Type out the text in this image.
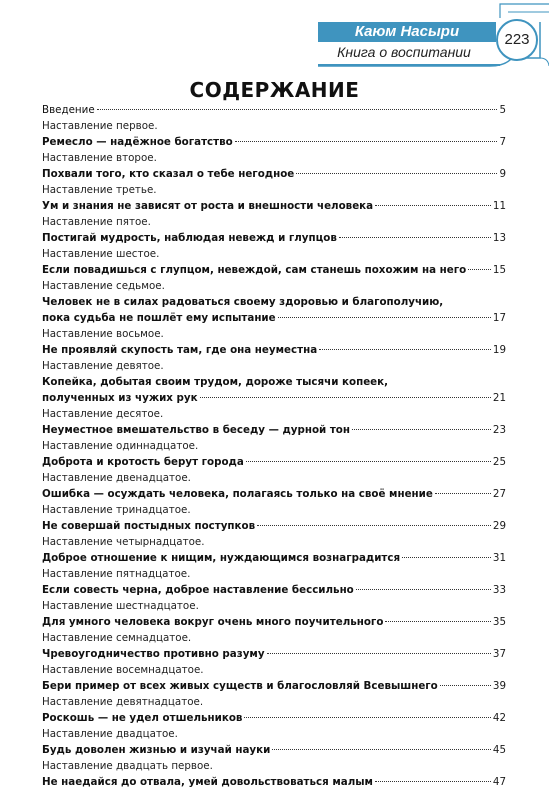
Каюм Насыри
Книга о воспитании
223
СОДЕРЖАНИЕ
Введение	5
Наставление первое.
Ремесло — надёжное богатство	7
Наставление второе.
Похвали того, кто сказал о тебе негодное	9
Наставление третье.
Ум и знания не зависят от роста и внешности человека	11
Наставление пятое.
Постигай мудрость, наблюдая невежд и глупцов	13
Наставление шестое.
Если повадишься с глупцом, невеждой, сам станешь похожим на него	15
Наставление седьмое.
Человек не в силах радоваться своему здоровью и благополучию,
пока судьба не пошлёт ему испытание	17
Наставление восьмое.
Не проявляй скупость там, где она неуместна	19
Наставление девятое.
Копейка, добытая своим трудом, дороже тысячи копеек,
полученных из чужих рук	21
Наставление десятое.
Неуместное вмешательство в беседу — дурной тон	23
Наставление одиннадцатое.
Доброта и кротость берут города	25
Наставление двенадцатое.
Ошибка — осуждать человека, полагаясь только на своё мнение	27
Наставление тринадцатое.
Не совершай постыдных поступков	29
Наставление четырнадцатое.
Доброе отношение к нищим, нуждающимся вознаградится	31
Наставление пятнадцатое.
Если совесть черна, доброе наставление бессильно	33
Наставление шестнадцатое.
Для умного человека вокруг очень много поучительного	35
Наставление семнадцатое.
Чревоугодничество противно разуму	37
Наставление восемнадцатое.
Бери пример от всех живых существ и благословляй Всевышнего	39
Наставление девятнадцатое.
Роскошь — не удел отшельников	42
Наставление двадцатое.
Будь доволен жизнью и изучай науки	45
Наставление двадцать первое.
Не наедайся до отвала, умей довольствоваться малым	47
